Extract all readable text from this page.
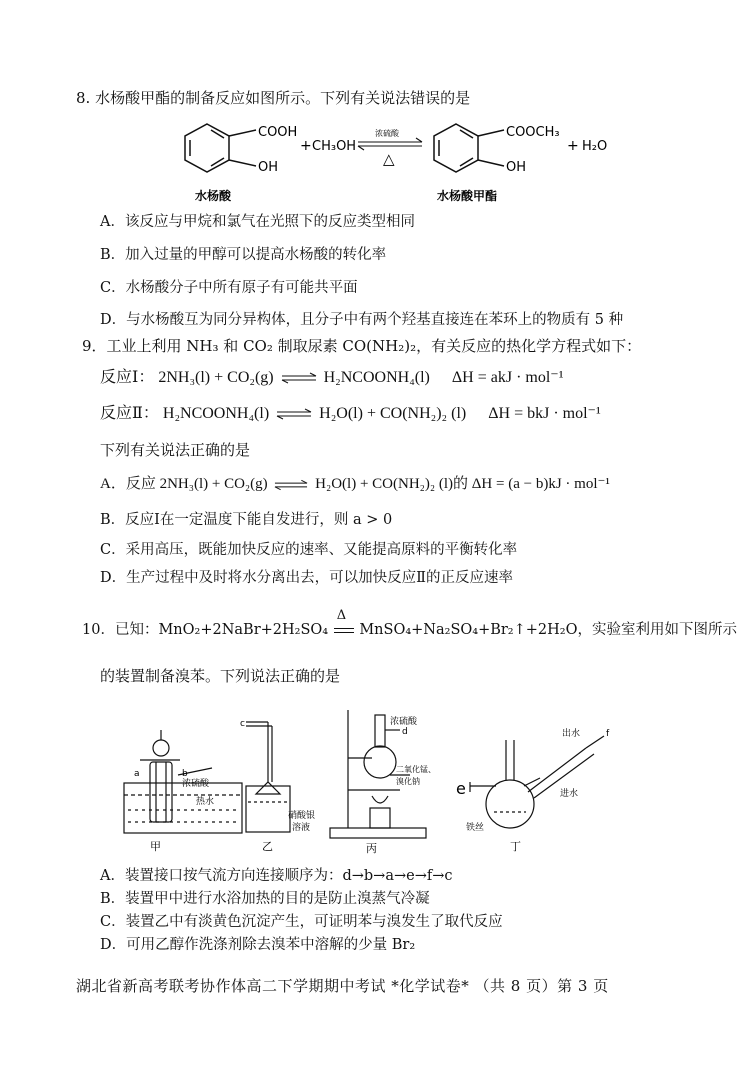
8. 水杨酸甲酯的制备反应如图所示。下列有关说法错误的是
COOH
OH
+ CH₃OH
浓硫酸
△
COOCH₃
OH
+ H₂O
水杨酸	水杨酸甲酯
A．该反应与甲烷和氯气在光照下的反应类型相同
B．加入过量的甲醇可以提高水杨酸的转化率
C．水杨酸分子中所有原子有可能共平面
D．与水杨酸互为同分异构体，且分子中有两个羟基直接连在苯环上的物质有 5 种
9．工业上利用 NH₃ 和 CO₂ 制取尿素 CO(NH₂)₂，有关反应的热化学方程式如下：
反应Ⅰ： 2NH₃(l) + CO₂(g) ⇌ H₂NCOONH₄(l) ΔH = akJ · mol⁻¹
反应Ⅱ： H₂NCOONH₄(l) ⇌ H₂O(l) + CO(NH₂)₂ (l) ΔH = bkJ · mol⁻¹
下列有关说法正确的是
A．反应 2NH₃(l) + CO₂(g) ⇌ H₂O(l) + CO(NH₂)₂ (l)的 ΔH = (a − b)kJ · mol⁻¹
B．反应Ⅰ在一定温度下能自发进行，则 a > 0
C．采用高压，既能加快反应的速率、又能提高原料的平衡转化率
D．生产过程中及时将水分离出去，可以加快反应Ⅱ的正反应速率
10．已知：MnO₂+2NaBr+2H₂SO₄
Δ
MnSO₄+Na₂SO₄+Br₂↑+2H₂O，实验室利用如下图所示
的装置制备溴苯。下列说法正确的是
甲	乙	丙	丁
a	b
c
d
e
f
浓硫酸
热水
硝酸银
溶液
浓硫酸
二氧化锰、
溴化钠
出水
进水
铁丝
A．装置接口按气流方向连接顺序为：d→b→a→e→f→c
B．装置甲中进行水浴加热的目的是防止溴蒸气冷凝
C．装置乙中有淡黄色沉淀产生，可证明苯与溴发生了取代反应
D．可用乙醇作洗涤剂除去溴苯中溶解的少量 Br₂
湖北省新高考联考协作体高二下学期期中考试 *化学试卷* （共 8 页）第 3 页
